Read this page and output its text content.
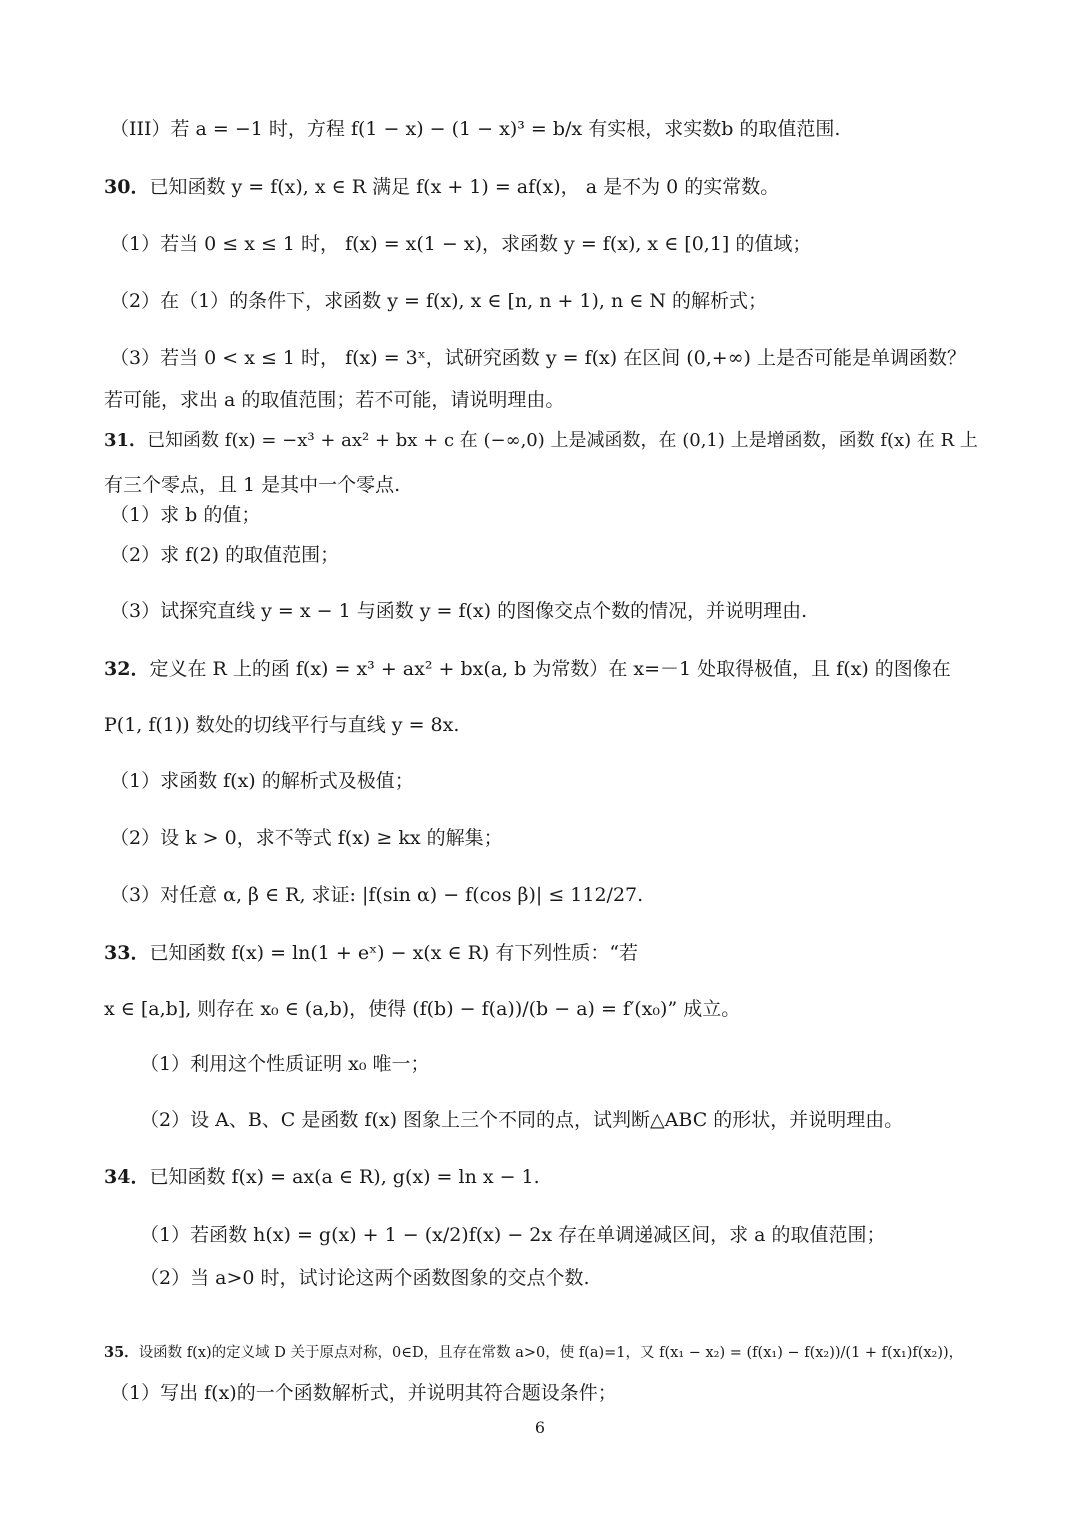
（III）若 a = −1 时，方程 f(1 − x) − (1 − x)³ = b/x 有实根，求实数b 的取值范围.
30．已知函数 y = f(x), x ∈ R 满足 f(x + 1) = af(x)， a 是不为 0 的实常数。
（1）若当 0 ≤ x ≤ 1 时， f(x) = x(1 − x)，求函数 y = f(x), x ∈ [0,1] 的值域；
（2）在（1）的条件下，求函数 y = f(x), x ∈ [n, n + 1), n ∈ N 的解析式；
（3）若当 0 < x ≤ 1 时， f(x) = 3ˣ，试研究函数 y = f(x) 在区间 (0,+∞) 上是否可能是单调函数？
若可能，求出 a 的取值范围；若不可能，请说明理由。
31．已知函数 f(x) = −x³ + ax² + bx + c 在 (−∞,0) 上是减函数，在 (0,1) 上是增函数，函数 f(x) 在 R 上
有三个零点，且 1 是其中一个零点.
（1）求 b 的值；
（2）求 f(2) 的取值范围；
（3）试探究直线 y = x − 1 与函数 y = f(x) 的图像交点个数的情况，并说明理由.
32．定义在 R 上的函 f(x) = x³ + ax² + bx(a, b 为常数）在 x=－1 处取得极值，且 f(x) 的图像在
P(1, f(1)) 数处的切线平行与直线 y = 8x.
（1）求函数 f(x) 的解析式及极值；
（2）设 k > 0，求不等式 f(x) ≥ kx 的解集；
（3）对任意 α, β ∈ R, 求证: |f(sin α) − f(cos β)| ≤ 112/27.
33．已知函数 f(x) = ln(1 + eˣ) − x(x ∈ R) 有下列性质：“若
x ∈ [a,b], 则存在 x₀ ∈ (a,b)，使得 (f(b) − f(a))/(b − a) = f′(x₀)” 成立。
（1）利用这个性质证明 x₀ 唯一；
（2）设 A、B、C 是函数 f(x) 图象上三个不同的点，试判断△ABC 的形状，并说明理由。
34．已知函数 f(x) = ax(a ∈ R), g(x) = ln x − 1.
（1）若函数 h(x) = g(x) + 1 − (x/2)f(x) − 2x 存在单调递减区间，求 a 的取值范围；
（2）当 a>0 时，试讨论这两个函数图象的交点个数.
35．设函数 f(x)的定义域 D 关于原点对称，0∈D，且存在常数 a>0，使 f(a)=1，又 f(x₁ − x₂) = (f(x₁) − f(x₂))/(1 + f(x₁)f(x₂))，
（1）写出 f(x)的一个函数解析式，并说明其符合题设条件；
6
